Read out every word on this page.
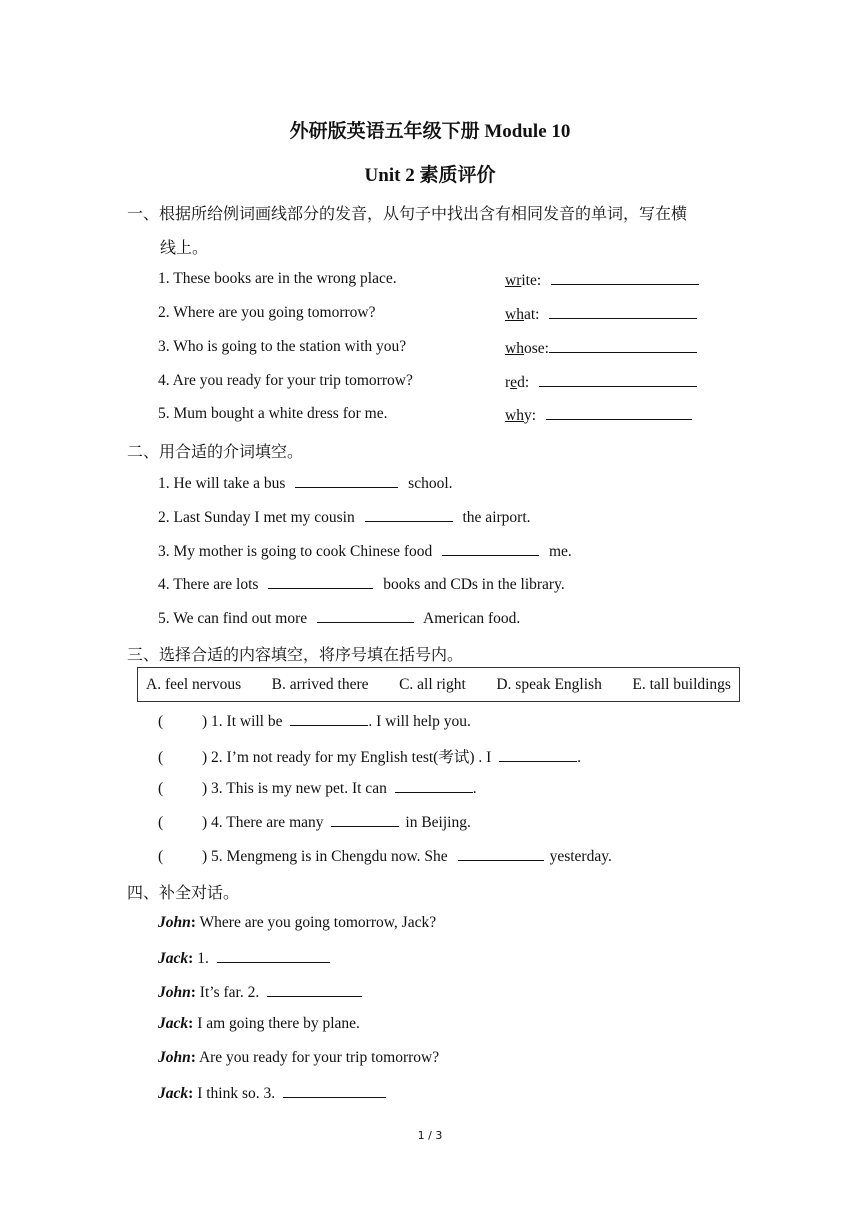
外研版英语五年级下册 Module 10
Unit 2 素质评价
一、根据所给例词画线部分的发音，从句子中找出含有相同发音的单词，写在横
线上。
1. These books are in the wrong place.	write:
2. Where are you going tomorrow?	what:
3. Who is going to the station with you?	whose:
4. Are you ready for your trip tomorrow?	red:
5. Mum bought a white dress for me.	why:
二、用合适的介词填空。
1. He will take a bus	school.
2. Last Sunday I met my cousin	the airport.
3. My mother is going to cook Chinese food	me.
4. There are lots	books and CDs in the library.
5. We can find out more	American food.
三、选择合适的内容填空，将序号填在括号内。
A. feel nervous B. arrived there C. all right D. speak English E. tall buildings
(	) 1. It will be	. I will help you.
(	) 2. I’m not ready for my English test(考试) . I	.
(	) 3. This is my new pet. It can	.
(	) 4. There are many	in Beijing.
(	) 5. Mengmeng is in Chengdu now. She	yesterday.
四、补全对话。
John: Where are you going tomorrow, Jack?
Jack: 1.
John: It’s far. 2.
Jack: I am going there by plane.
John: Are you ready for your trip tomorrow?
Jack: I think so. 3.
1 / 3
